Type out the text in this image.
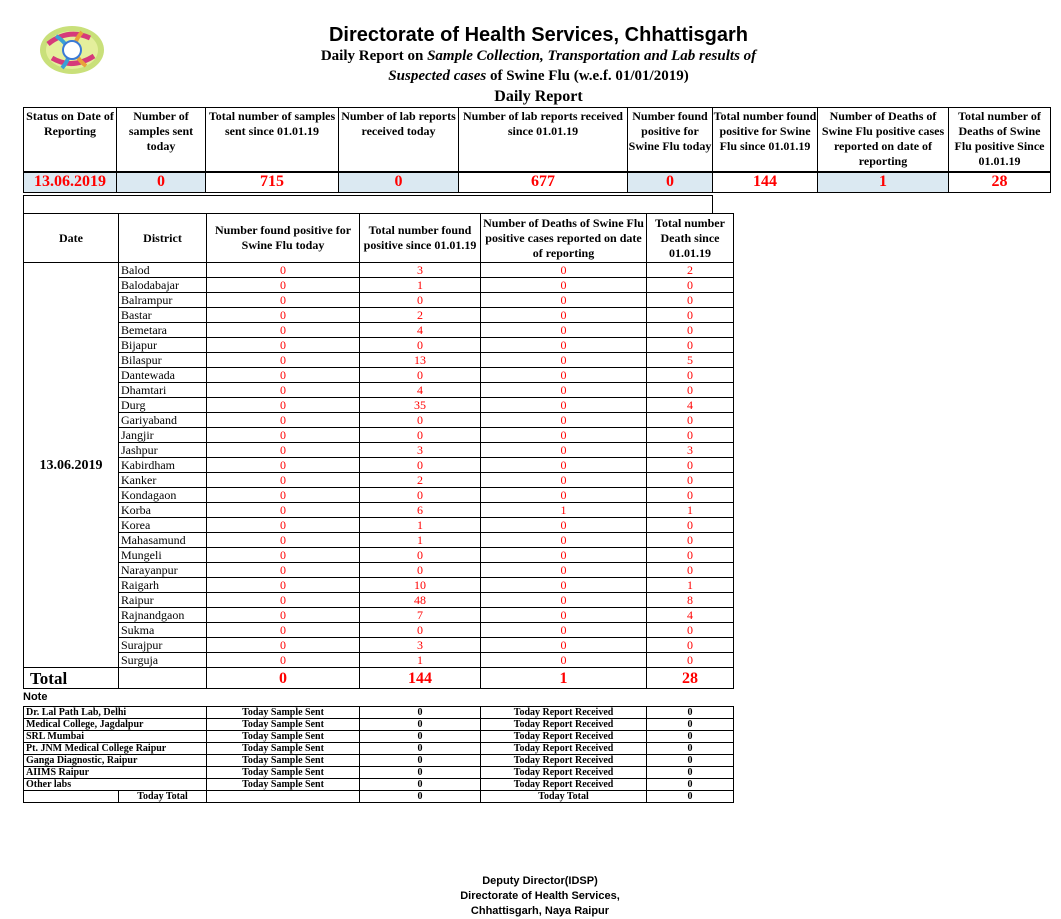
Directorate of Health Services, Chhattisgarh
Daily Report on Sample Collection, Transportation and Lab results of
Suspected cases of Swine Flu (w.e.f. 01/01/2019)
Daily Report
Status on Date of Reporting	Number of samples sent today	Total number of samples sent since 01.01.19	Number of lab reports received today	Number of lab reports received since 01.01.19	Number found positive for Swine Flu today	Total number found positive for Swine Flu since 01.01.19	Number of Deaths of Swine Flu positive cases reported on date of reporting	Total number of Deaths of Swine Flu positive Since 01.01.19
13.06.2019	0	715	0	677	0	144	1	28
Date	District	Number found positive for Swine Flu today	Total number found positive since 01.01.19	Number of Deaths of Swine Flu positive cases reported on date of reporting	Total number Death since 01.01.19
13.06.2019	Balod	0	3	0	2
	Balodabajar	0	1	0	0
	Balrampur	0	0	0	0
	Bastar	0	2	0	0
	Bemetara	0	4	0	0
	Bijapur	0	0	0	0
	Bilaspur	0	13	0	5
	Dantewada	0	0	0	0
	Dhamtari	0	4	0	0
	Durg	0	35	0	4
	Gariyaband	0	0	0	0
	Jangjir	0	0	0	0
	Jashpur	0	3	0	3
	Kabirdham	0	0	0	0
	Kanker	0	2	0	0
	Kondagaon	0	0	0	0
	Korba	0	6	1	1
	Korea	0	1	0	0
	Mahasamund	0	1	0	0
	Mungeli	0	0	0	0
	Narayanpur	0	0	0	0
	Raigarh	0	10	0	1
	Raipur	0	48	0	8
	Rajnandgaon	0	7	0	4
	Sukma	0	0	0	0
	Surajpur	0	3	0	0
	Surguja	0	1	0	0
Total		0	144	1	28
Note
Dr. Lal Path Lab, Delhi		Today Sample Sent	0	Today Report Received	0
Medical College, Jagdalpur		Today Sample Sent	0	Today Report Received	0
SRL Mumbai		Today Sample Sent	0	Today Report Received	0
Pt. JNM Medical College Raipur		Today Sample Sent	0	Today Report Received	0
Ganga Diagnostic, Raipur		Today Sample Sent	0	Today Report Received	0
AIIMS Raipur		Today Sample Sent	0	Today Report Received	0
Other labs		Today Sample Sent	0	Today Report Received	0
	Today Total		0	Today Total	0
Deputy Director(IDSP)
Directorate of Health Services,
Chhattisgarh, Naya Raipur
